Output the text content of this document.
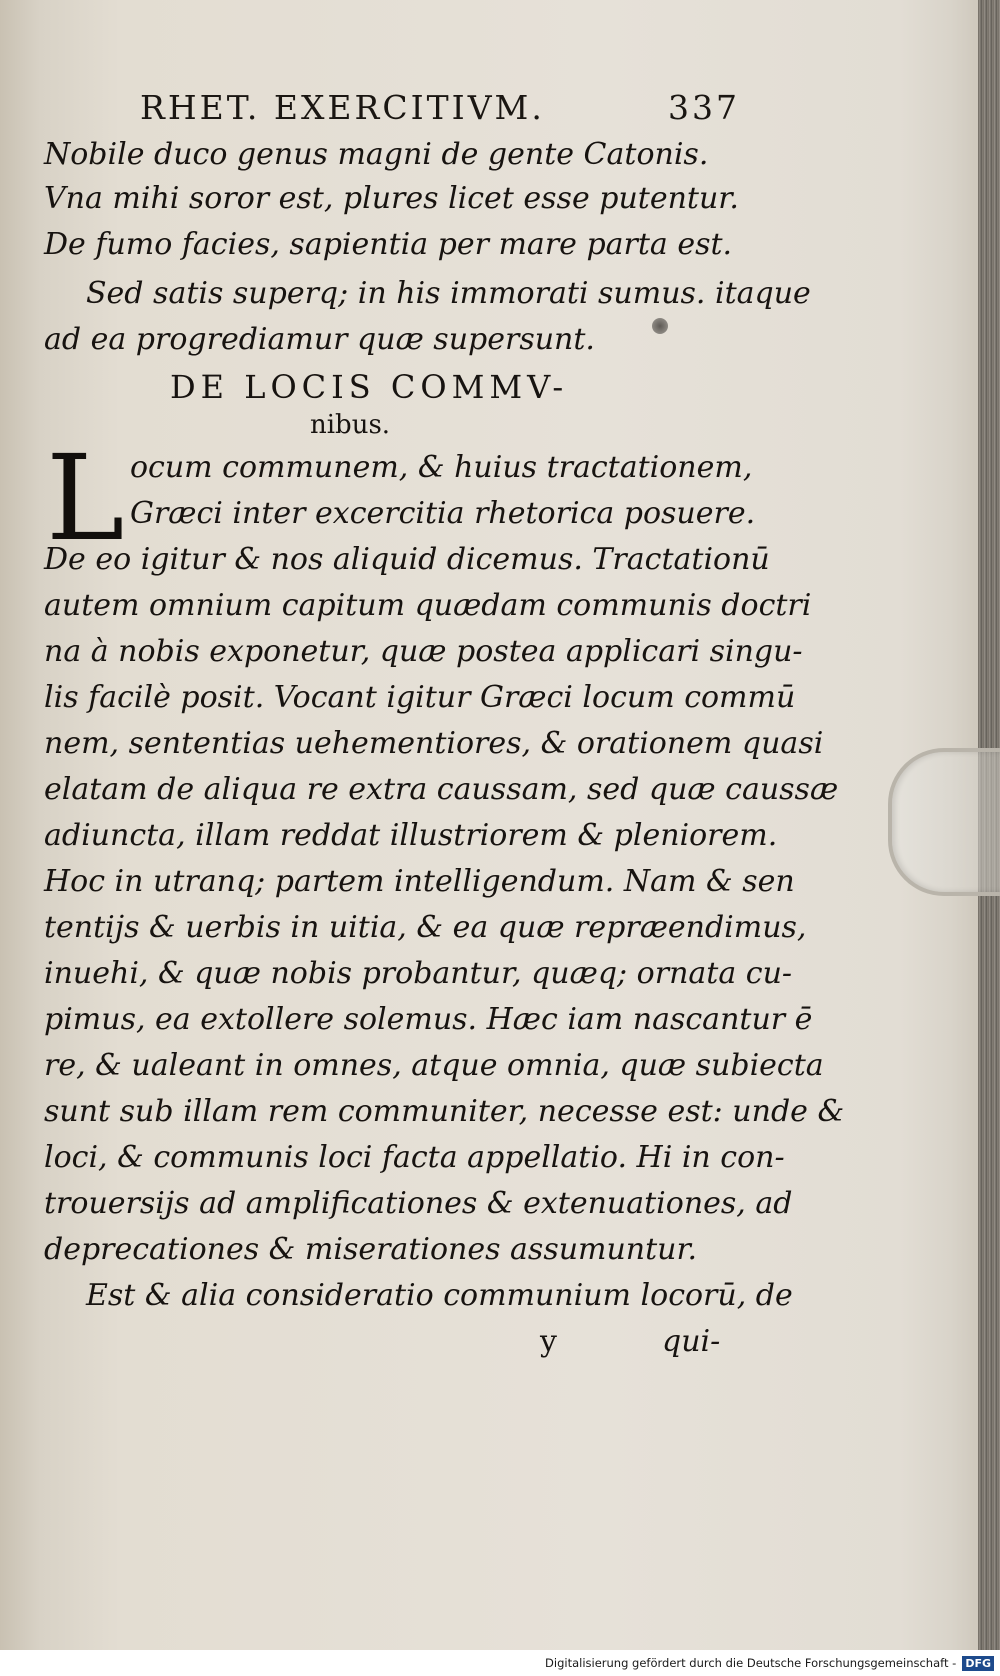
RHET. EXERCITIVM.	337
Nobile duco genus magni de gente Catonis.
Vna mihi soror est, plures licet esse putentur.
De fumo facies, sapientia per mare parta est.
Sed satis superq; in his immorati sumus. itaque
ad ea progrediamur quæ supersunt.
DE LOCIS COMMV-
nibus.
L ocum communem, & huius tractationem,
Græci inter excercitia rhetorica posuere.
De eo igitur & nos aliquid dicemus. Tractationū
autem omnium capitum quædam communis doctri
na à nobis exponetur, quæ postea applicari singu-
lis facilè posit. Vocant igitur Græci locum commū
nem, sententias uehementiores, & orationem quasi
elatam de aliqua re extra caussam, sed quæ caussæ
adiuncta, illam reddat illustriorem & pleniorem.
Hoc in utranq; partem intelligendum. Nam & sen
tentijs & uerbis in uitia, & ea quæ repræendimus,
inuehi, & quæ nobis probantur, quæq; ornata cu-
pimus, ea extollere solemus. Hæc iam nascantur ē
re, & ualeant in omnes, atque omnia, quæ subiecta
sunt sub illam rem communiter, necesse est: unde &
loci, & communis loci facta appellatio. Hi in con-
trouersijs ad amplificationes & extenuationes, ad
deprecationes & miserationes assumuntur.
Est & alia consideratio communium locorū, de
y	qui-
Digitalisierung gefördert durch die Deutsche Forschungsgemeinschaft - DFG
